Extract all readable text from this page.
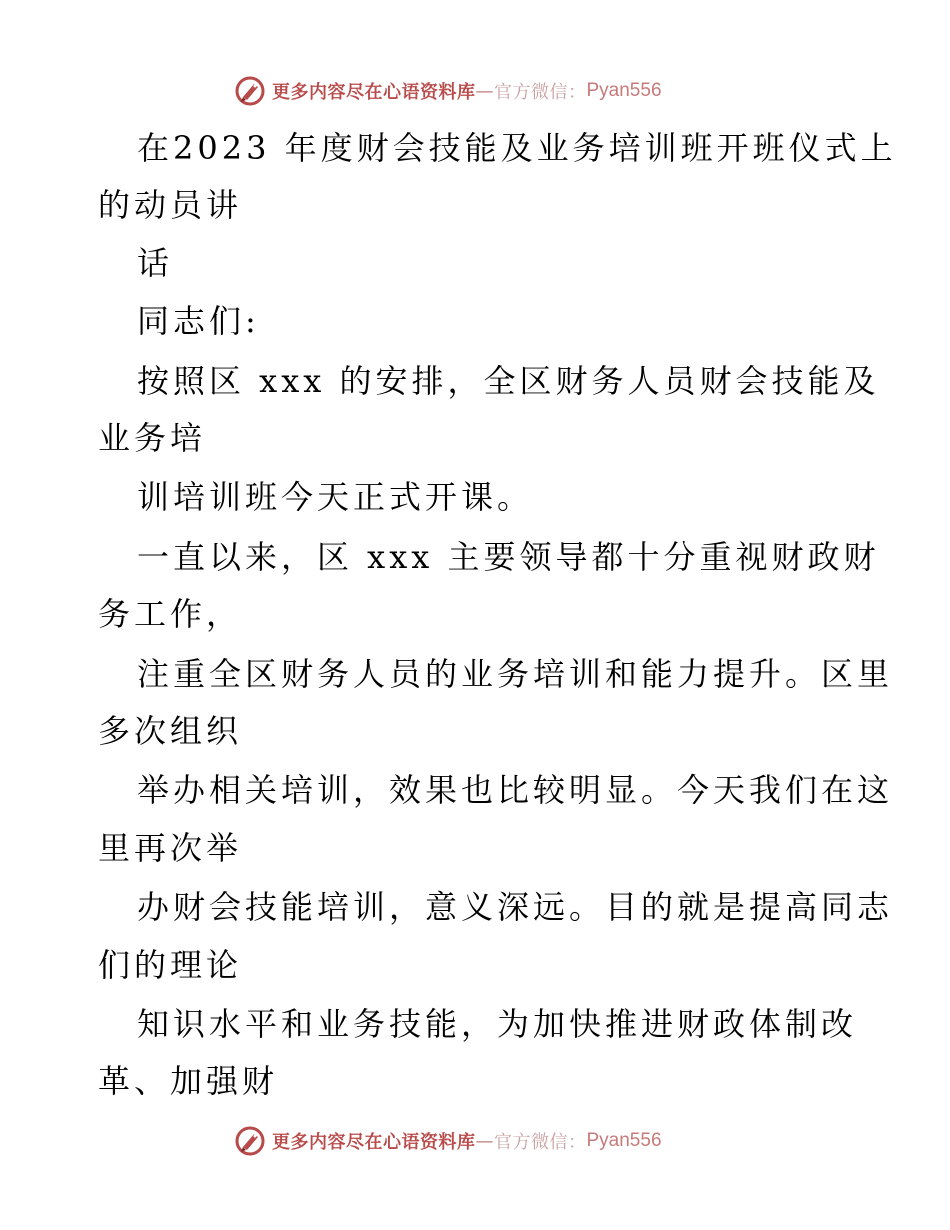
更多内容尽在心语资料库 — 官方微信： Pyan556
在2023 年度财会技能及业务培训班开班仪式上
的动员讲
话
同志们:
按照区 xxx 的安排，全区财务人员财会技能及
业务培
训培训班今天正式开课。
一直以来，区 xxx 主要领导都十分重视财政财
务工作，
注重全区财务人员的业务培训和能力提升。区里
多次组织
举办相关培训，效果也比较明显。今天我们在这
里再次举
办财会技能培训，意义深远。目的就是提高同志
们的理论
知识水平和业务技能，为加快推进财政体制改
革、加强财
更多内容尽在心语资料库 — 官方微信： Pyan556
